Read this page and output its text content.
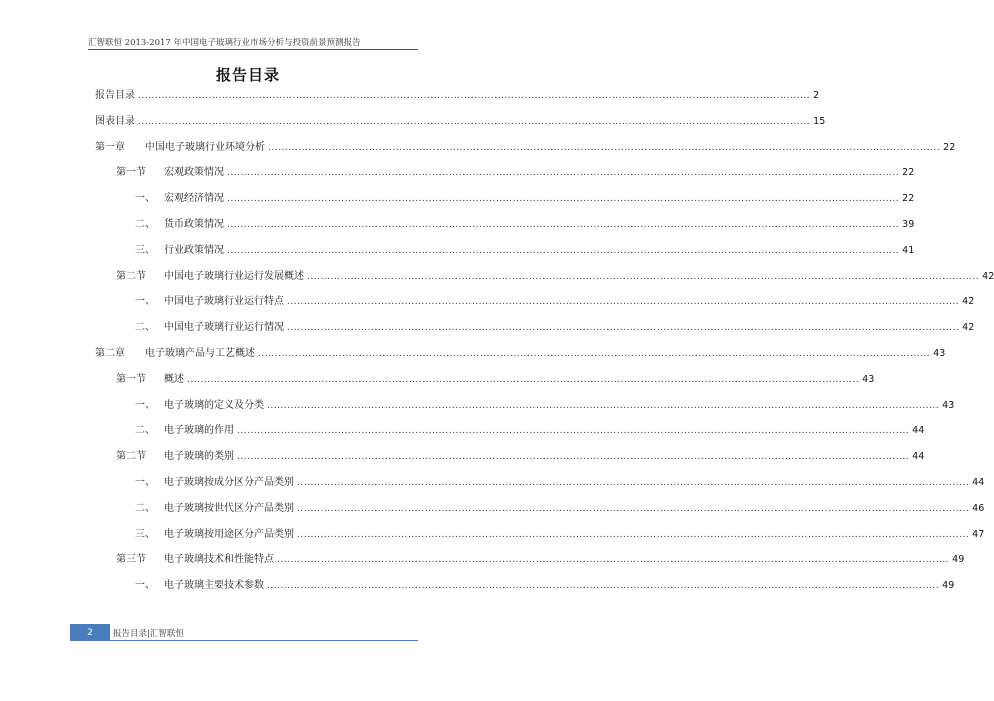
汇智联恒 2013-2017 年中国电子玻璃行业市场分析与投资前景预测报告
报告目录
报告目录 ........................................................................................................................................................................................................ 2
图表目录 ........................................................................................................................................................................................................ 15
第一章	中国电子玻璃行业环境分析 ........................................................................................................................................................................................................ 22
第一节	宏观政策情况 ........................................................................................................................................................................................................ 22
一、 宏观经济情况 ........................................................................................................................................................................................................ 22
二、 货币政策情况 ........................................................................................................................................................................................................ 39
三、 行业政策情况 ........................................................................................................................................................................................................ 41
第二节	中国电子玻璃行业运行发展概述 ........................................................................................................................................................................................................ 42
一、 中国电子玻璃行业运行特点 ........................................................................................................................................................................................................ 42
二、 中国电子玻璃行业运行情况 ........................................................................................................................................................................................................ 42
第二章	电子玻璃产品与工艺概述 ........................................................................................................................................................................................................ 43
第一节	概述 ........................................................................................................................................................................................................ 43
一、 电子玻璃的定义及分类 ........................................................................................................................................................................................................ 43
二、 电子玻璃的作用 ........................................................................................................................................................................................................ 44
第二节	电子玻璃的类别 ........................................................................................................................................................................................................ 44
一、 电子玻璃按成分区分产品类别 ........................................................................................................................................................................................................ 44
二、 电子玻璃按世代区分产品类别 ........................................................................................................................................................................................................ 46
三、 电子玻璃按用途区分产品类别 ........................................................................................................................................................................................................ 47
第三节	电子玻璃技术和性能特点 ........................................................................................................................................................................................................ 49
一、 电子玻璃主要技术参数 ........................................................................................................................................................................................................ 49
2	报告目录|汇智联恒
